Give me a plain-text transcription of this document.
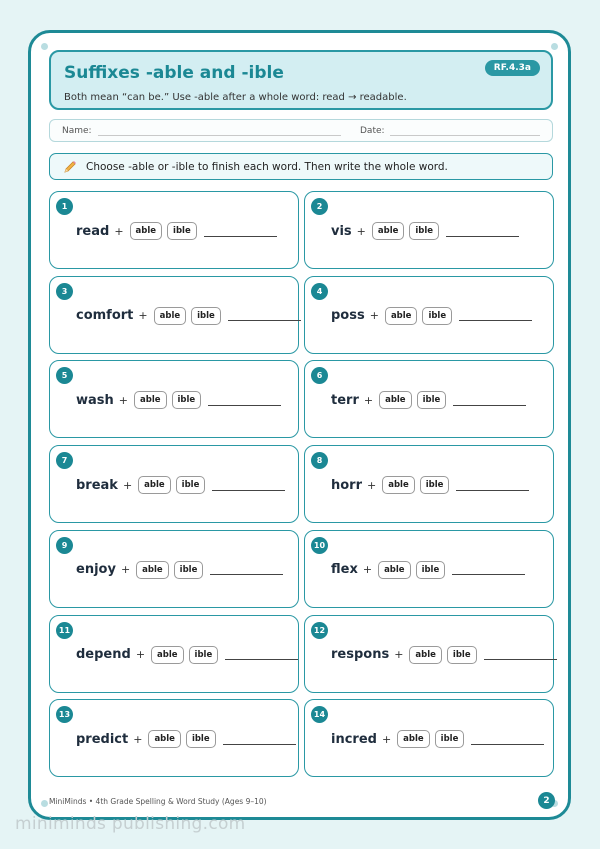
Suffixes -able and -ible
Both mean “can be.” Use -able after a whole word: read → readable.
RF.4.3a
Name:	Date:
Choose -able or -ible to finish each word. Then write the whole word.
1
read +	able	ible
2
vis +	able	ible
3
comfort +	able	ible
4
poss +	able	ible
5
wash +	able	ible
6
terr +	able	ible
7
break +	able	ible
8
horr +	able	ible
9
enjoy +	able	ible
10
flex +	able	ible
11
depend +	able	ible
12
respons +	able	ible
13
predict +	able	ible
14
incred +	able	ible
MiniMinds • 4th Grade Spelling & Word Study (Ages 9–10)	2
miniminds publishing.com
